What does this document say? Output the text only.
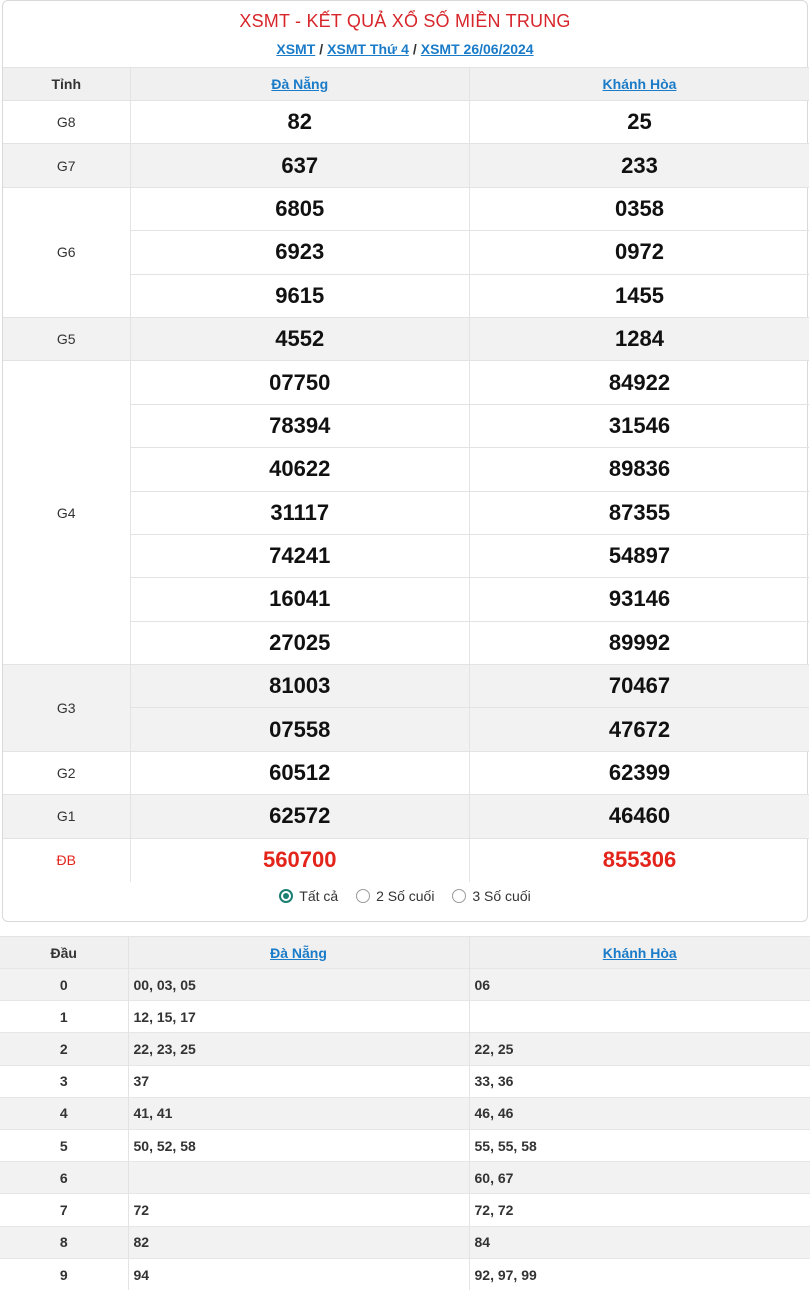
XSMT - KẾT QUẢ XỔ SỐ MIỀN TRUNG
XSMT / XSMT Thứ 4 / XSMT 26/06/2024
Tỉnh	Đà Nẵng	Khánh Hòa
G8	82	25
G7	637	233
G6	6805	0358
	6923	0972
	9615	1455
G5	4552	1284
G4	07750	84922
	78394	31546
	40622	89836
	31117	87355
	74241	54897
	16041	93146
	27025	89992
G3	81003	70467
	07558	47672
G2	60512	62399
G1	62572	46460
ĐB	560700	855306
Tất cả
	2 Số cuối
	3 Số cuối
Đầu	Đà Nẵng	Khánh Hòa
0	00, 03, 05	06
1	12, 15, 17	
2	22, 23, 25	22, 25
3	37	33, 36
4	41, 41	46, 46
5	50, 52, 58	55, 55, 58
6		60, 67
7	72	72, 72
8	82	84
9	94	92, 97, 99
